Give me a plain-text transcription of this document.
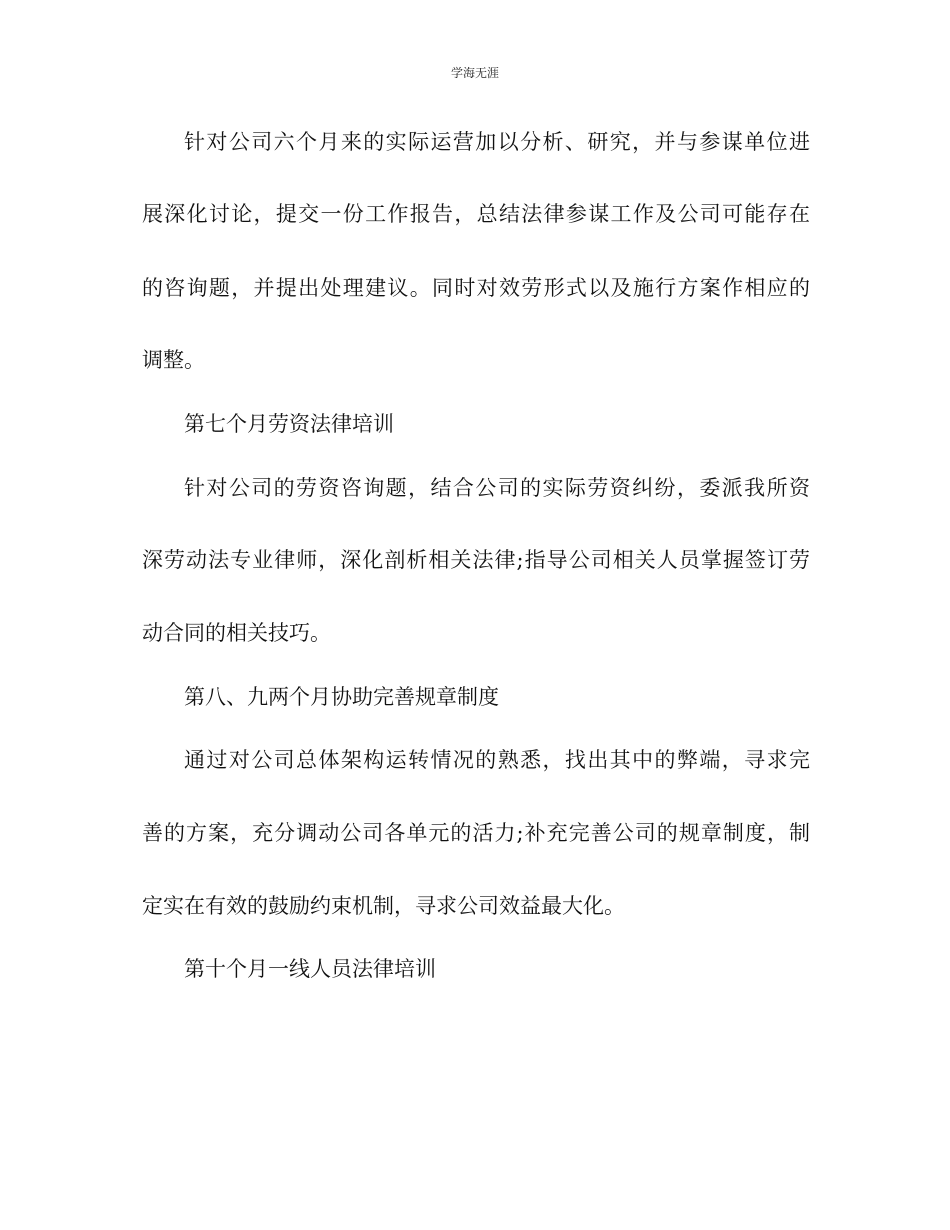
学海无涯
针对公司六个月来的实际运营加以分析、研究，并与参谋单位进
展深化讨论，提交一份工作报告，总结法律参谋工作及公司可能存在
的咨询题，并提出处理建议。同时对效劳形式以及施行方案作相应的
调整。
第七个月劳资法律培训
针对公司的劳资咨询题，结合公司的实际劳资纠纷，委派我所资
深劳动法专业律师，深化剖析相关法律;指导公司相关人员掌握签订劳
动合同的相关技巧。
第八、九两个月协助完善规章制度
通过对公司总体架构运转情况的熟悉，找出其中的弊端，寻求完
善的方案，充分调动公司各单元的活力;补充完善公司的规章制度，制
定实在有效的鼓励约束机制，寻求公司效益最大化。
第十个月一线人员法律培训
